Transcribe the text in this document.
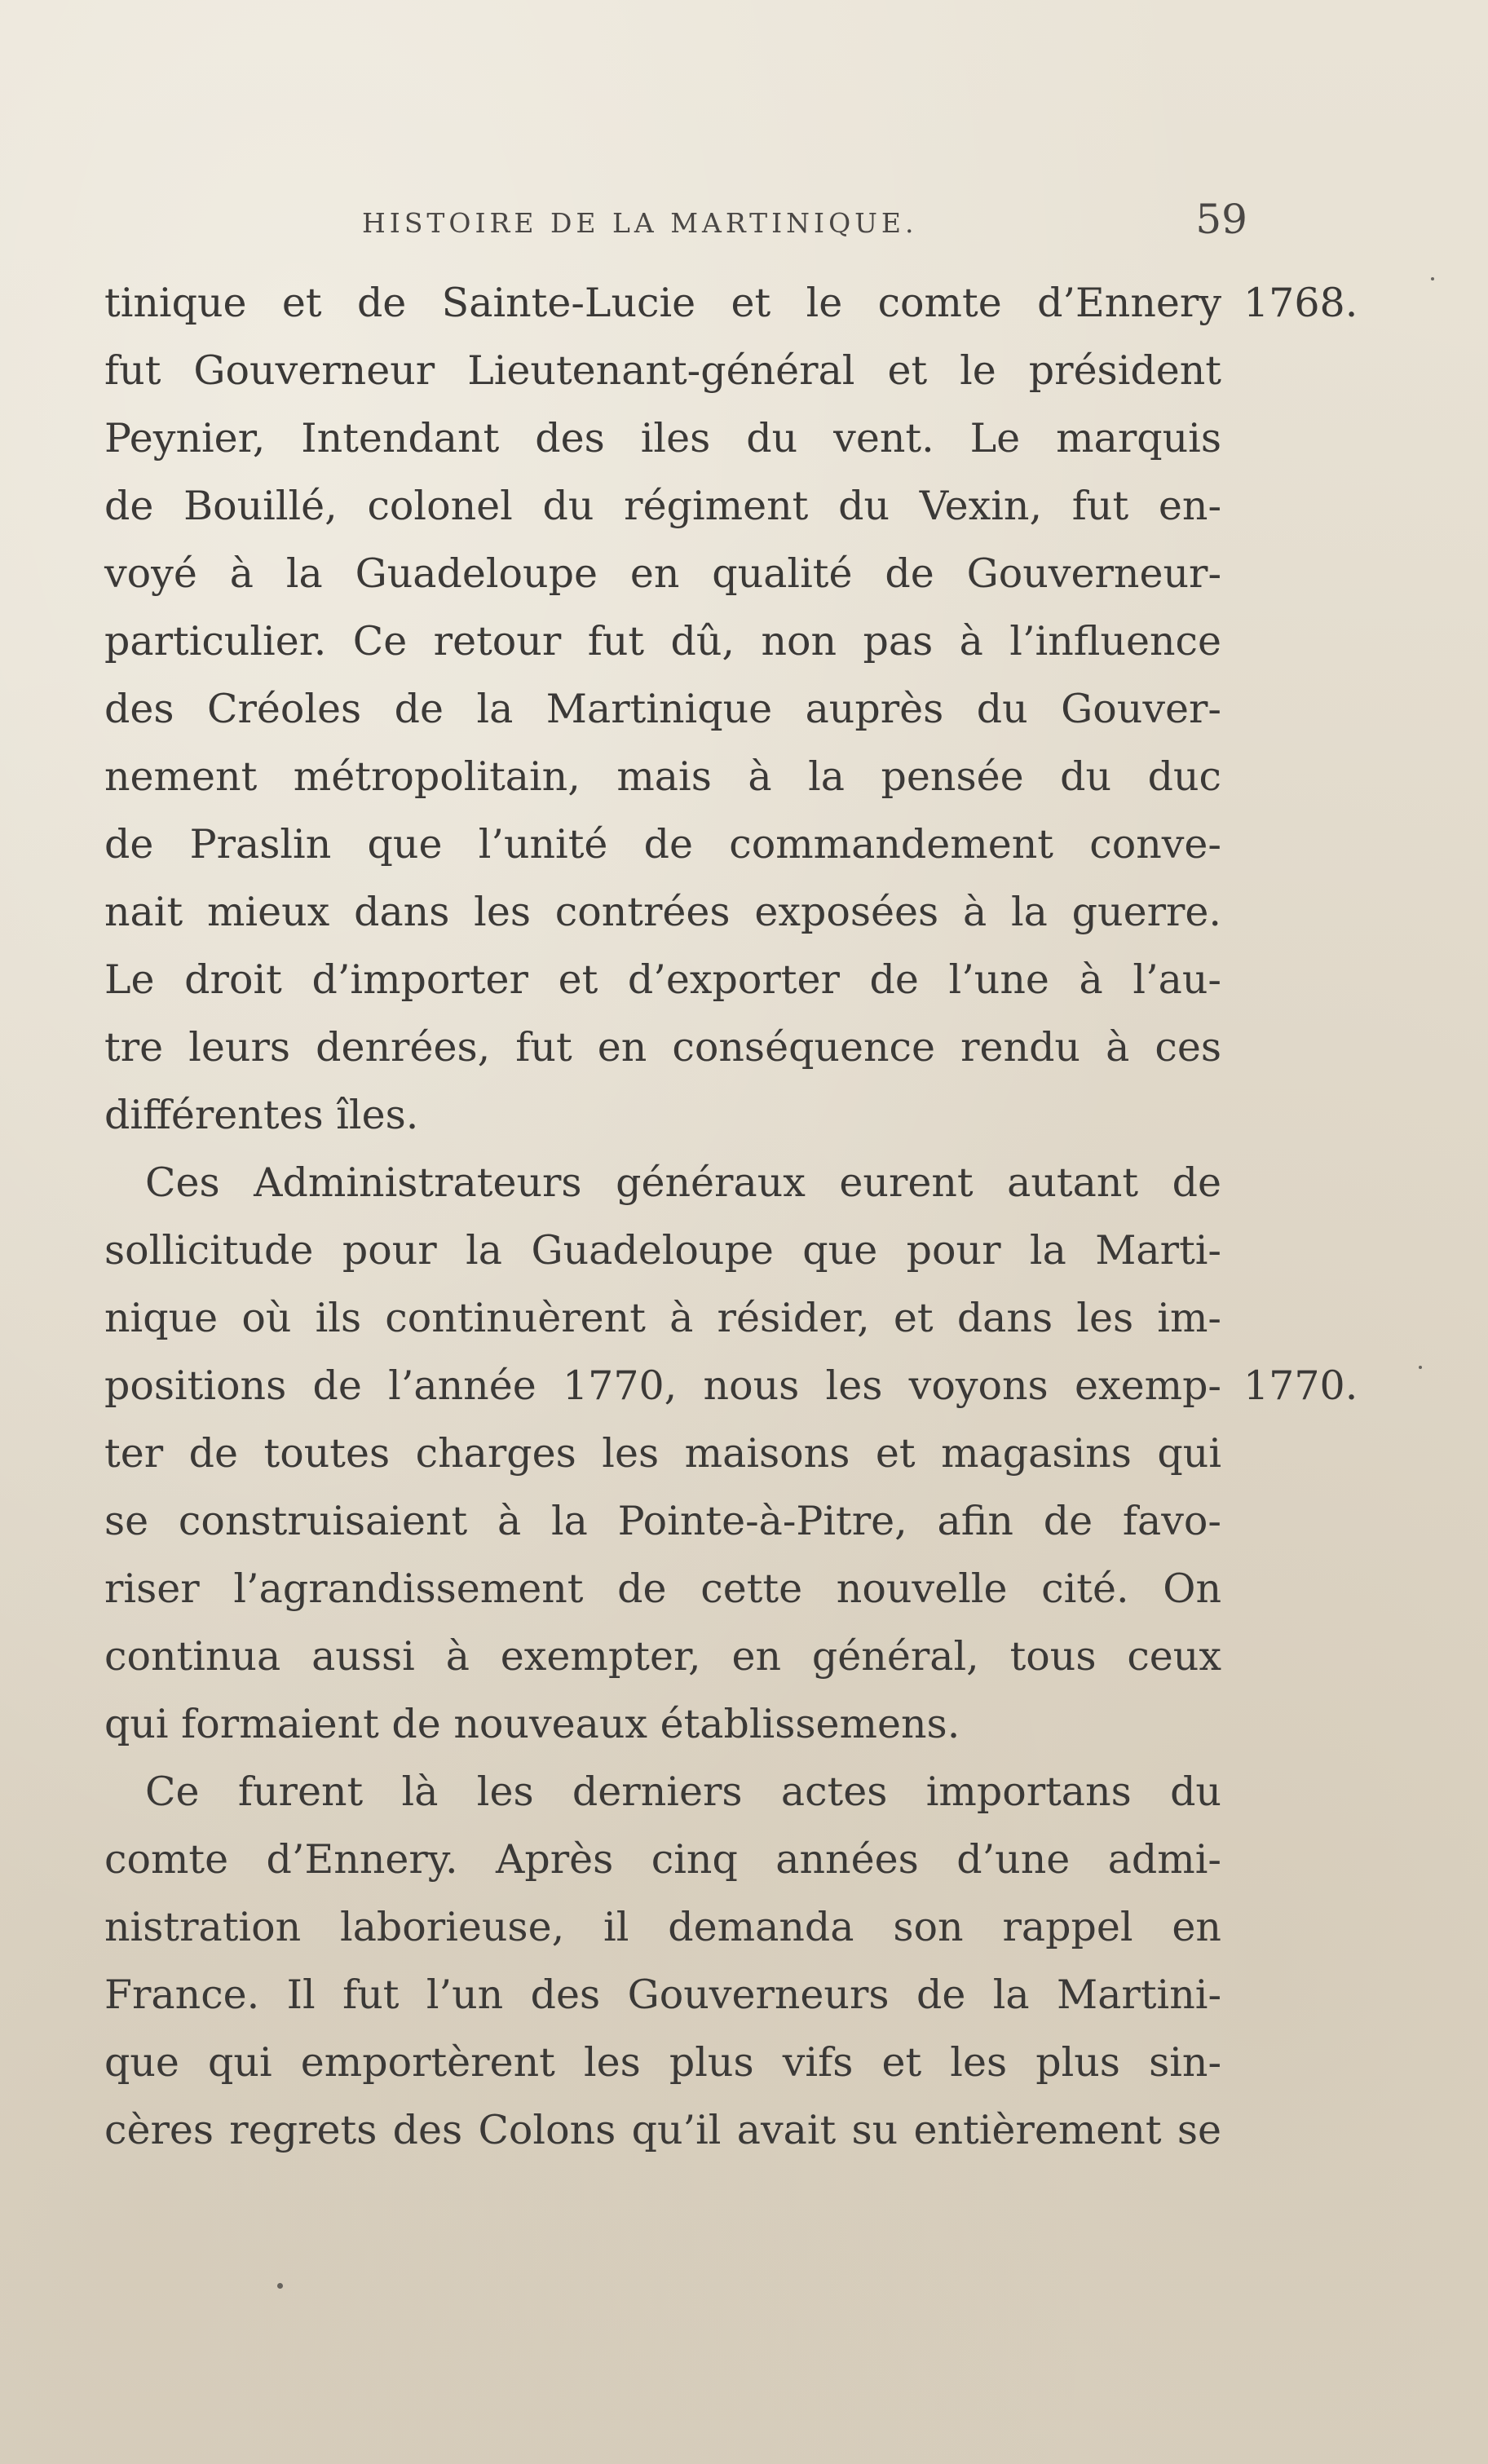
HISTOIRE DE LA MARTINIQUE.	59
tinique et de Sainte-Lucie et le comte d’Ennery
fut Gouverneur Lieutenant-général et le président
Peynier, Intendant des iles du vent. Le marquis
de Bouillé, colonel du régiment du Vexin, fut en-
voyé à la Guadeloupe en qualité de Gouverneur-
particulier. Ce retour fut dû, non pas à l’influence
des Créoles de la Martinique auprès du Gouver-
nement métropolitain, mais à la pensée du duc
de Praslin que l’unité de commandement conve-
nait mieux dans les contrées exposées à la guerre.
Le droit d’importer et d’exporter de l’une à l’au-
tre leurs denrées, fut en conséquence rendu à ces
différentes îles.
Ces Administrateurs généraux eurent autant de
sollicitude pour la Guadeloupe que pour la Marti-
nique où ils continuèrent à résider, et dans les im-
positions de l’année 1770, nous les voyons exemp-
ter de toutes charges les maisons et magasins qui
se construisaient à la Pointe-à-Pitre, afin de favo-
riser l’agrandissement de cette nouvelle cité. On
continua aussi à exempter, en général, tous ceux
qui formaient de nouveaux établissemens.
Ce furent là les derniers actes importans du
comte d’Ennery. Après cinq années d’une admi-
nistration laborieuse, il demanda son rappel en
France. Il fut l’un des Gouverneurs de la Martini-
que qui emportèrent les plus vifs et les plus sin-
cères regrets des Colons qu’il avait su entièrement se
1768.
1770.
